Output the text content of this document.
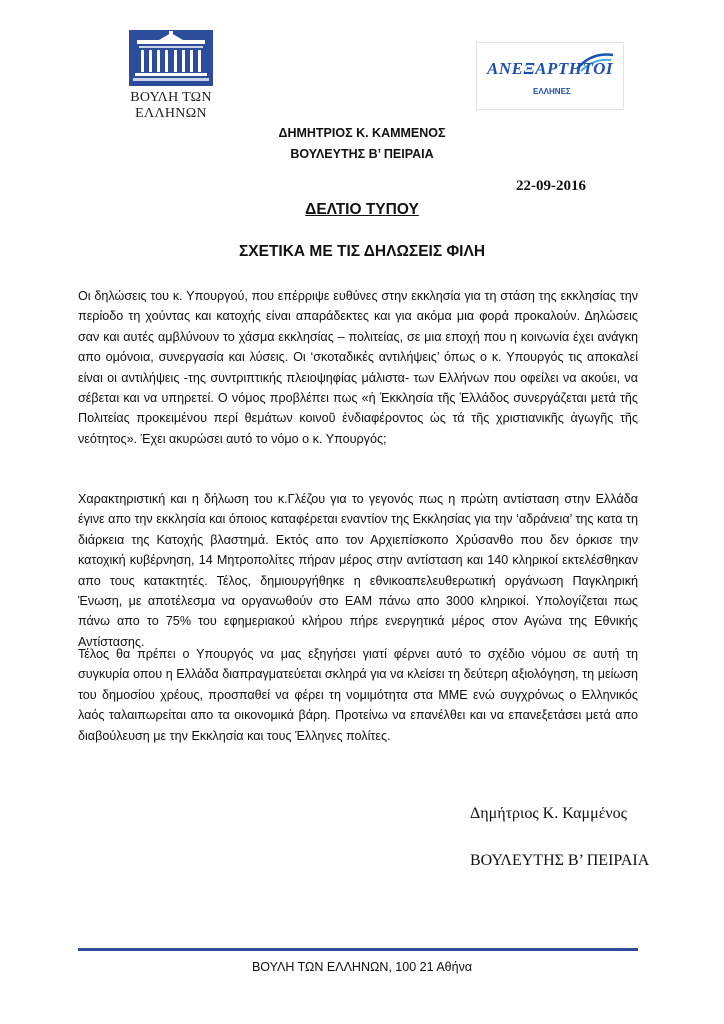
ΒΟΥΛΗ ΤΩΝ ΕΛΛΗΝΩΝ
ΑΝΕΞΑΡΤΗΤΟΙ
ΕΛΛΗΝΕΣ
ΔΗΜΗΤΡΙΟΣ Κ. ΚΑΜΜΕΝΟΣ
ΒΟΥΛΕΥΤΗΣ Β’ ΠΕΙΡΑΙΑ
22-09-2016
ΔΕΛΤΙΟ ΤΥΠΟΥ
ΣΧΕΤΙΚΑ ΜΕ ΤΙΣ ΔΗΛΩΣΕΙΣ ΦΙΛΗ

Οι δηλώσεις του κ. Υπουργού, που επέρριψε ευθύνες στην εκκλησία για τη στάση της εκκλησίας την περίοδο τη χούντας και κατοχής είναι απαράδεκτες και για ακόμα μια φορά προκαλούν. Δηλώσεις σαν και αυτές αμβλύνουν το χάσμα εκκλησίας – πολιτείας, σε μια εποχή που η κοινωνία έχει ανάγκη απο ομόνοια, συνεργασία και λύσεις. Οι ‘σκοταδικές αντιλήψεις’ όπως ο κ. Υπουργός τις αποκαλεί είναι οι αντιλήψεις -της συντριπτικής πλειοψηφίας μάλιστα- των Ελλήνων που οφείλει να ακούει, να σέβεται και να υπηρετεί. Ο νόμος προβλέπει πως «ἡ Ἐκκλησία τῆς Ἑλλάδος συνεργάζεται μετά τῆς Πολιτείας προκειμένου περί θεμάτων κοινοῦ ἐνδιαφέροντος ὡς τά τῆς χριστιανικῆς ἀγωγῆς τῆς νεότητος». Έχει ακυρώσει αυτό το νόμο ο κ. Υπουργός;

Χαρακτηριστική και η δήλωση του κ.Γλέζου για το γεγονός πως η πρώτη αντίσταση στην Ελλάδα έγινε απο την εκκλησία και όποιος καταφέρεται εναντίον της Εκκλησίας για την ‘αδράνεια’ της κατα τη διάρκεια της Κατοχής βλαστημά. Εκτός απο τον Αρχιεπίσκοπο Χρύσανθο που δεν όρκισε την κατοχική κυβέρνηση, 14 Μητροπολίτες πήραν μέρος στην αντίσταση και 140 κληρικοί εκτελέσθηκαν απο τους κατακτητές. Τέλος, δημιουργήθηκε η εθνικοαπελευθερωτική οργάνωση Παγκληρική Ένωση, με αποτέλεσμα να οργανωθούν στο ΕΑΜ πάνω απο 3000 κληρικοί. Υπολογίζεται πως πάνω απο το 75% του εφημεριακού κλήρου πήρε ενεργητικά μέρος στον Αγώνα της Εθνικής Αντίστασης.

Τέλος θα πρέπει ο Υπουργός να μας εξηγήσει γιατί φέρνει αυτό το σχέδιο νόμου σε αυτή τη συγκυρία οπου η Ελλάδα διαπραγματεύεται σκληρά για να κλείσει τη δεύτερη αξιολόγηση, τη μείωση του δημοσίου χρέους, προσπαθεί να φέρει τη νομιμότητα στα ΜΜΕ ενώ συγχρόνως ο Ελληνικός λαός ταλαιπωρείται απο τα οικονομικά βάρη. Προτείνω να επανέλθει και να επανεξετάσει μετά απο διαβούλευση με την Εκκλησία και τους Έλληνες πολίτες.

Δημήτριος Κ. Καμμένος
ΒΟΥΛΕΥΤΗΣ Β’ ΠΕΙΡΑΙΑ
ΒΟΥΛΗ ΤΩΝ ΕΛΛΗΝΩΝ, 100 21 Αθήνα
